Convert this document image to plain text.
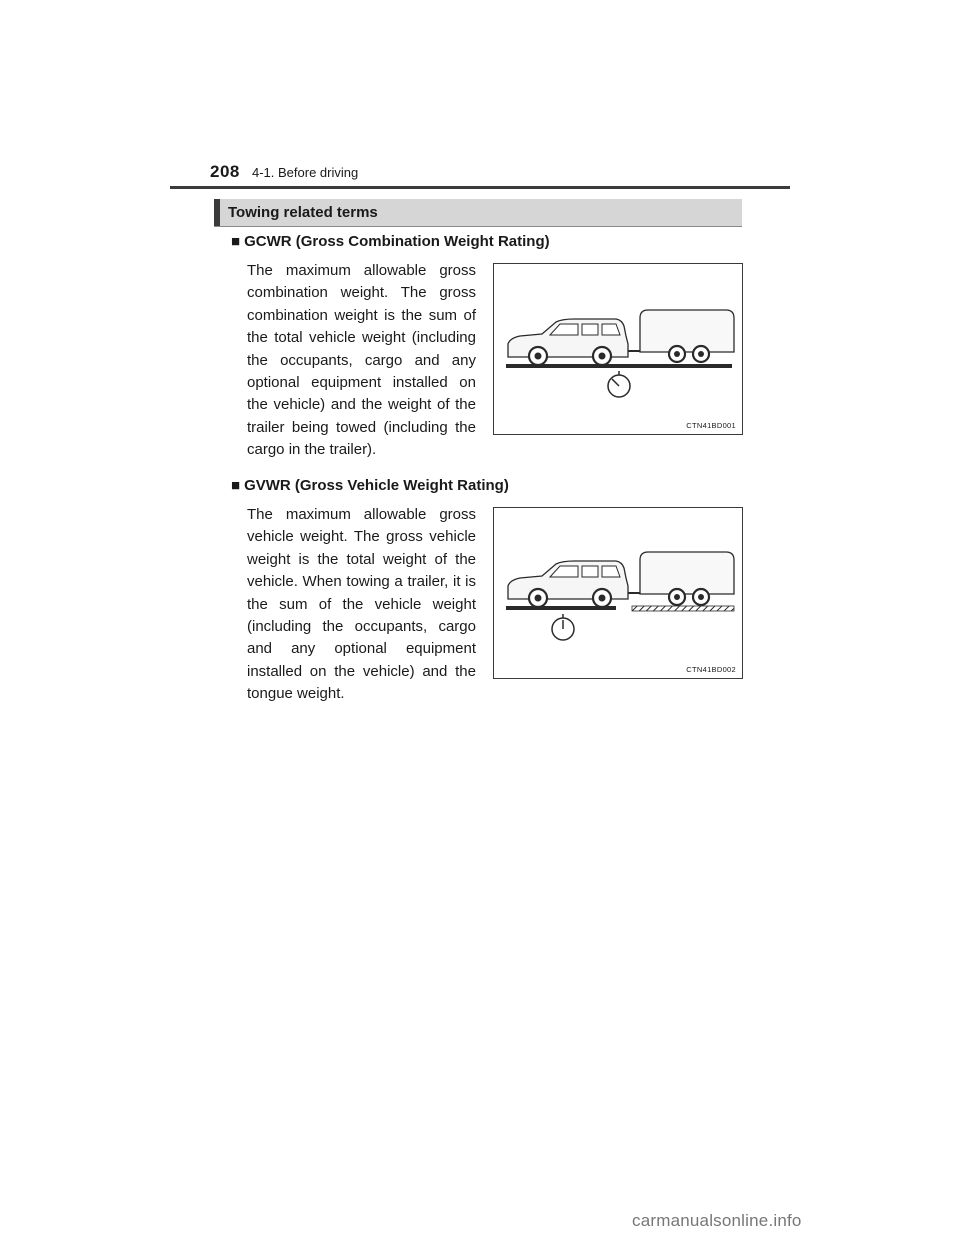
208 4-1. Before driving
Towing related terms
■ GCWR (Gross Combination Weight Rating)
The maximum allowable gross combination weight. The gross combination weight is the sum of the total vehicle weight (including the occupants, cargo and any optional equipment installed on the vehicle) and the weight of the trailer being towed (including the cargo in the trailer).
CTN41BD001
■ GVWR (Gross Vehicle Weight Rating)
The maximum allowable gross vehicle weight. The gross vehicle weight is the total weight of the vehicle. When towing a trailer, it is the sum of the vehicle weight (including the occupants, cargo and any optional equipment installed on the vehicle) and the tongue weight.
CTN41BD002
carmanualsonline.info
